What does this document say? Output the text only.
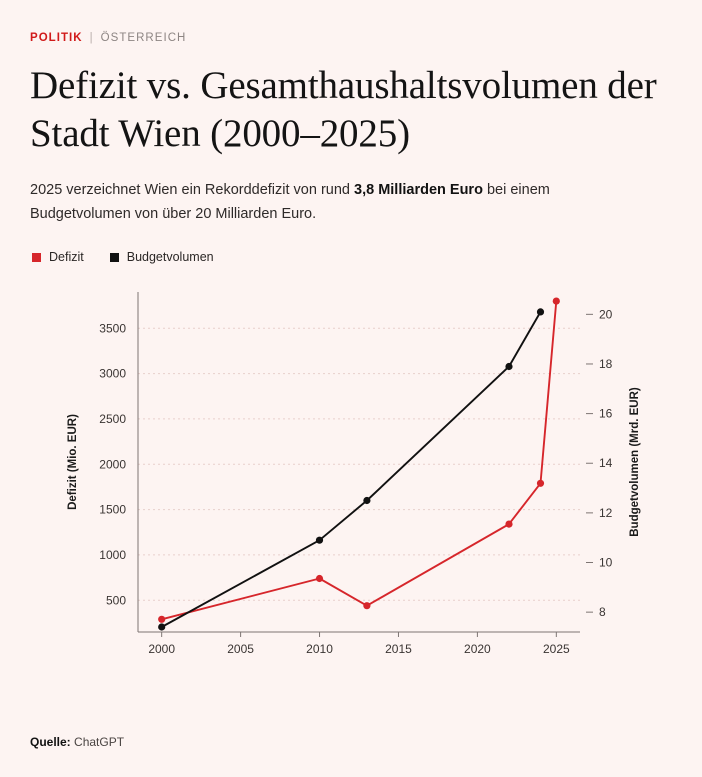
POLITIK | ÖSTERREICH
Defizit vs. Gesamthaushaltsvolumen der Stadt Wien (2000–2025)

2025 verzeichnet Wien ein Rekorddefizit von rund 3,8 Milliarden Euro bei einem Budgetvolumen von über 20 Milliarden Euro.

Defizit	Budgetvolumen
2000	2005	2010	2015	2020	2025
500
1000
1500
2000
2500
3000
3500
8
10
12
14
16
18
20
Defizit (Mio. EUR)	Budgetvolumen (Mrd. EUR)
Quelle: ChatGPT
